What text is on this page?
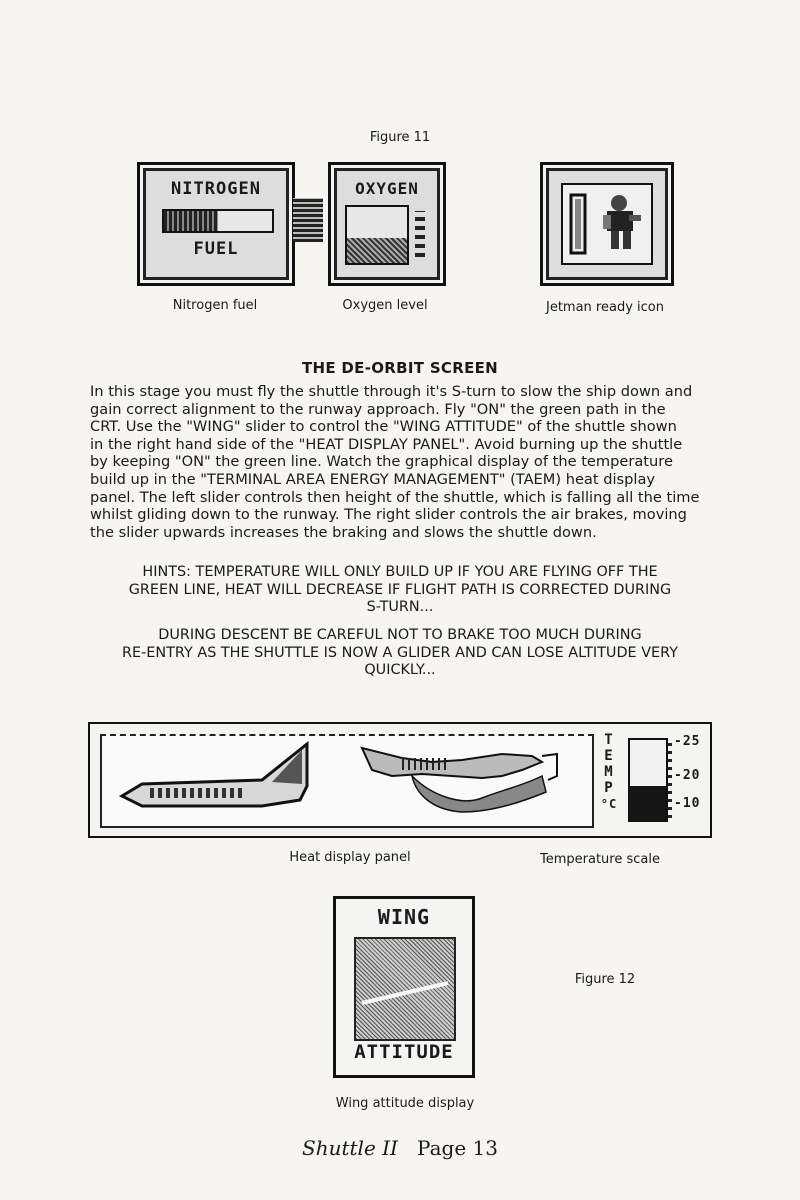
Figure 11
NITROGEN
FUEL
OXYGEN
Nitrogen fuel	Oxygen level	Jetman ready icon
THE DE-ORBIT SCREEN
In this stage you must fly the shuttle through it's S-turn to slow the ship down and
gain correct alignment to the runway approach. Fly "ON" the green path in the
CRT. Use the "WING" slider to control the "WING ATTITUDE" of the shuttle shown
in the right hand side of the "HEAT DISPLAY PANEL". Avoid burning up the shuttle
by keeping "ON" the green line. Watch the graphical display of the temperature
build up in the "TERMINAL AREA ENERGY MANAGEMENT" (TAEM) heat display
panel. The left slider controls then height of the shuttle, which is falling all the time
whilst gliding down to the runway. The right slider controls the air brakes, moving
the slider upwards increases the braking and slows the shuttle down.
HINTS: TEMPERATURE WILL ONLY BUILD UP IF YOU ARE FLYING OFF THE
GREEN LINE, HEAT WILL DECREASE IF FLIGHT PATH IS CORRECTED DURING
S-TURN...
DURING DESCENT BE CAREFUL NOT TO BRAKE TOO MUCH DURING
RE-ENTRY AS THE SHUTTLE IS NOW A GLIDER AND CAN LOSE ALTITUDE VERY
QUICKLY...
T
E
M
P
°C
-25
-20
-10
Heat display panel	Temperature scale
WING
ATTITUDE
Figure 12
Wing attitude display
Shuttle II Page 13
